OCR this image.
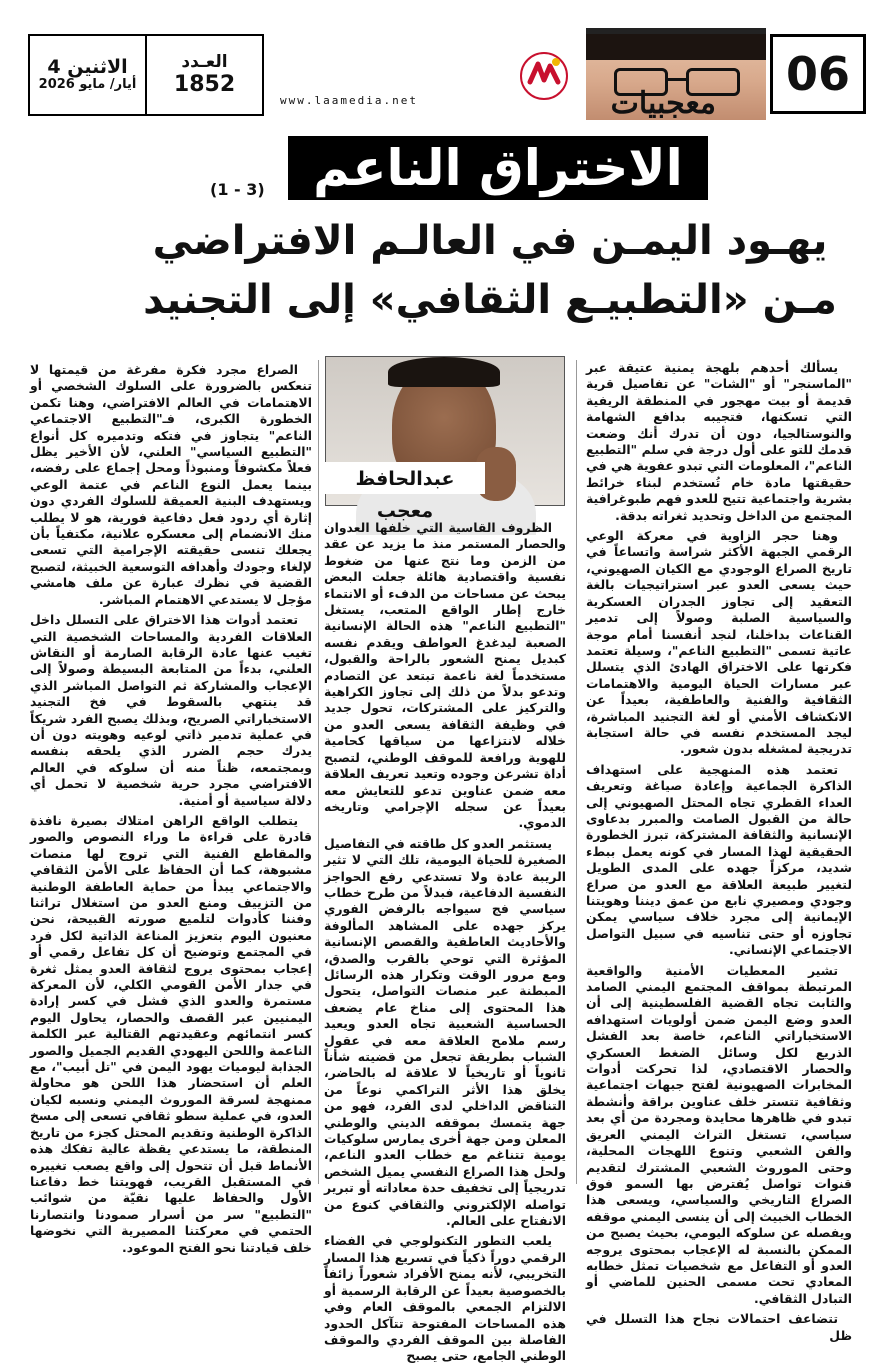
06
معجبيات
www.laamedia.net
العـدد
1852
الاثنين 4
أيار/ مايو 2026
الاختراق الناعم
(1 - 3)
يهـود اليمـن في العالـم الافتراضي
مـن «التطبيـع الثقافي» إلى التجنيد
عبدالحافظ معجب

يسألك أحدهم بلهجة يمنية عتيقة عبر "الماسنجر" أو "الشات" عن تفاصيل قرية قديمة أو بيت مهجور في المنطقة الريفية التي تسكنها، فتجيبه بدافع الشهامة والنوستالجيا، دون أن تدرك أنك وضعت قدمك للتو على أول درجة في سلم "التطبيع الناعم"، المعلومات التي تبدو عفوية هي في حقيقتها مادة خام تُستخدم لبناء خرائط بشرية واجتماعية تتيح للعدو فهم طبوغرافية المجتمع من الداخل وتحديد ثغراته بدقة.

وهنا حجر الزاوية في معركة الوعي الرقمي الجبهة الأكثر شراسة واتساعاً في تاريخ الصراع الوجودي مع الكيان الصهيوني، حيث يسعى العدو عبر استراتيجيات بالغة التعقيد إلى تجاوز الجدران العسكرية والسياسية الصلبة وصولاً إلى تدمير القناعات بداخلنا، لنجد أنفسنا أمام موجة عاتية تسمى "التطبيع الناعم"، وسيلة تعتمد فكرتها على الاختراق الهادئ الذي يتسلل عبر مسارات الحياة اليومية والاهتمامات الثقافية والفنية والعاطفية، بعيداً عن الانكشاف الأمني أو لغة التجنيد المباشرة، ليجد المستخدم نفسه في حالة استجابة تدريجية لمشغله بدون شعور.

تعتمد هذه المنهجية على استهداف الذاكرة الجماعية وإعادة صياغة وتعريف العداء القطري تجاه المحتل الصهيوني إلى حالة من القبول الصامت والمبرر بدعاوى الإنسانية والثقافة المشتركة، تبرز الخطورة الحقيقية لهذا المسار في كونه يعمل ببطء شديد، مركزاً جهده على المدى الطويل لتغيير طبيعة العلاقة مع العدو من صراع وجودي ومصيري نابع من عمق ديننا وهويتنا الإيمانية إلى مجرد خلاف سياسي يمكن تجاوزه أو حتى تناسيه في سبيل التواصل الاجتماعي الإنساني.

تشير المعطيات الأمنية والواقعية المرتبطة بمواقف المجتمع اليمني الصامد والثابت تجاه القضية الفلسطينية إلى أن العدو وضع اليمن ضمن أولويات استهدافه الاستخباراتي الناعم، خاصة بعد الفشل الذريع لكل وسائل الضغط العسكري والحصار الاقتصادي، لذا تحركت أدوات المخابرات الصهيونية لفتح جبهات اجتماعية وثقافية تتستر خلف عناوين براقة وأنشطة تبدو في ظاهرها محايدة ومجردة من أي بعد سياسي، تستغل التراث اليمني العريق والفن الشعبي وتنوع اللهجات المحلية، وحتى الموروث الشعبي المشترك لتقديم قنوات تواصل يُفترض بها السمو فوق الصراع التاريخي والسياسي، ويسعى هذا الخطاب الخبيث إلى أن ينسى اليمني موقفه ويفصله عن سلوكه اليومي، بحيث يصبح من الممكن بالنسبة له الإعجاب بمحتوى يروجه العدو أو التفاعل مع شخصيات تمثل خطابه المعادي تحت مسمى الحنين للماضي أو التبادل الثقافي.

تتضاعف احتمالات نجاح هذا التسلل في ظل

الظروف القاسية التي خلفها العدوان والحصار المستمر منذ ما يزيد عن عقد من الزمن وما نتج عنها من ضغوط نفسية واقتصادية هائلة جعلت البعض يبحث عن مساحات من الدفء أو الانتماء خارج إطار الواقع المتعب، يستغل "التطبيع الناعم" هذه الحالة الإنسانية الصعبة ليدغدغ العواطف ويقدم نفسه كبديل يمنح الشعور بالراحة والقبول، مستخدماً لغة ناعمة تبتعد عن التصادم وتدعو بدلاً من ذلك إلى تجاوز الكراهية والتركيز على المشتركات، تحول جديد في وظيفة الثقافة يسعى العدو من خلاله لانتزاعها من سياقها كحامية للهوية ورافعة للموقف الوطني، لتصبح أداة تشرعن وجوده وتعيد تعريف العلاقة معه ضمن عناوين تدعو للتعايش معه بعيداً عن سجله الإجرامي وتاريخه الدموي.

يستثمر العدو كل طاقته في التفاصيل الصغيرة للحياة اليومية، تلك التي لا تثير الريبة عادة ولا تستدعي رفع الحواجز النفسية الدفاعية، فبدلاً من طرح خطاب سياسي فج سيواجه بالرفض الفوري يركز جهده على المشاهد المألوفة والأحاديث العاطفية والقصص الإنسانية المؤثرة التي توحي بالقرب والصدق، ومع مرور الوقت وتكرار هذه الرسائل المبطنة عبر منصات التواصل، يتحول هذا المحتوى إلى مناخ عام يضعف الحساسية الشعبية تجاه العدو ويعيد رسم ملامح العلاقة معه في عقول الشباب بطريقة تجعل من قضيته شأناً ثانوياً أو تاريخياً لا علاقة له بالحاضر، يخلق هذا الأثر التراكمي نوعاً من التناقض الداخلي لدى الفرد، فهو من جهة يتمسك بموقفه الديني والوطني المعلن ومن جهة أخرى يمارس سلوكيات يومية تتناغم مع خطاب العدو الناعم، ولحل هذا الصراع النفسي يميل الشخص تدريجياً إلى تخفيف حدة معاداته أو تبرير تواصله الإلكتروني والثقافي كنوع من الانفتاح على العالم.

يلعب التطور التكنولوجي في الفضاء الرقمي دوراً ذكياً في تسريع هذا المسار التخريبي، لأنه يمنح الأفراد شعوراً زائفاً بالخصوصية بعيداً عن الرقابة الرسمية أو الالتزام الجمعي بالموقف العام وفي هذه المساحات المفتوحة تتآكل الحدود الفاصلة بين الموقف الفردي والموقف الوطني الجامع، حتى يصبح

الصراع مجرد فكرة مفرغة من قيمتها لا تنعكس بالضرورة على السلوك الشخصي أو الاهتمامات في العالم الافتراضي، وهنا تكمن الخطورة الكبرى، فـ"التطبيع الاجتماعي الناعم" يتجاوز في فتكه وتدميره كل أنواع "التطبيع السياسي" العلني، لأن الأخير يظل فعلاً مكشوفاً ومنبوذاً ومحل إجماع على رفضه، بينما يعمل النوع الناعم في عتمة الوعي ويستهدف البنية العميقة للسلوك الفردي دون إثارة أي ردود فعل دفاعية فورية، هو لا يطلب منك الانضمام إلى معسكره علانية، مكتفياً بأن يجعلك تنسى حقيقته الإجرامية التي تسعى لإلغاء وجودك وأهدافه التوسعية الخبيثة، لتصبح القضية في نظرك عبارة عن ملف هامشي مؤجل لا يستدعي الاهتمام المباشر.

تعتمد أدوات هذا الاختراق على التسلل داخل العلاقات الفردية والمساحات الشخصية التي تغيب عنها عادة الرقابة الصارمة أو النقاش العلني، بدءاً من المتابعة البسيطة وصولاً إلى الإعجاب والمشاركة ثم التواصل المباشر الذي قد ينتهي بالسقوط في فخ التجنيد الاستخباراتي الصريح، وبذلك يصبح الفرد شريكاً في عملية تدمير ذاتي لوعيه وهويته دون أن يدرك حجم الضرر الذي يلحقه بنفسه وبمجتمعه، ظناً منه أن سلوكه في العالم الافتراضي مجرد حرية شخصية لا تحمل أي دلالة سياسية أو أمنية.

يتطلب الواقع الراهن امتلاك بصيرة نافذة قادرة على قراءة ما وراء النصوص والصور والمقاطع الفنية التي تروج لها منصات مشبوهة، كما أن الحفاظ على الأمن الثقافي والاجتماعي يبدأ من حماية العاطفة الوطنية من التزييف ومنع العدو من استغلال تراثنا وفننا كأدوات لتلميع صورته القبيحة، نحن معنيون اليوم بتعزيز المناعة الذاتية لكل فرد في المجتمع وتوضيح أن كل تفاعل رقمي أو إعجاب بمحتوى يروج لثقافة العدو يمثل ثغرة في جدار الأمن القومي الكلي، لأن المعركة مستمرة والعدو الذي فشل في كسر إرادة اليمنيين عبر القصف والحصار، يحاول اليوم كسر انتمائهم وعقيدتهم القتالية عبر الكلمة الناعمة واللحن اليهودي القديم الجميل والصور الجذابة ليوميات يهود اليمن في "تل أبيب"، مع العلم أن استحضار هذا اللحن هو محاولة ممنهجة لسرقة الموروث اليمني ونسبه لكيان العدو، في عملية سطو ثقافي تسعى إلى مسخ الذاكرة الوطنية وتقديم المحتل كجزء من تاريخ المنطقة، ما يستدعي يقظة عالية تفكك هذه الأنماط قبل أن تتحول إلى واقع يصعب تغييره في المستقبل القريب، فهويتنا خط دفاعنا الأول والحفاظ عليها نقيّة من شوائب "التطبيع" سر من أسرار صمودنا وانتصارنا الحتمي في معركتنا المصيرية التي نخوضها خلف قيادتنا نحو الفتح الموعود.
